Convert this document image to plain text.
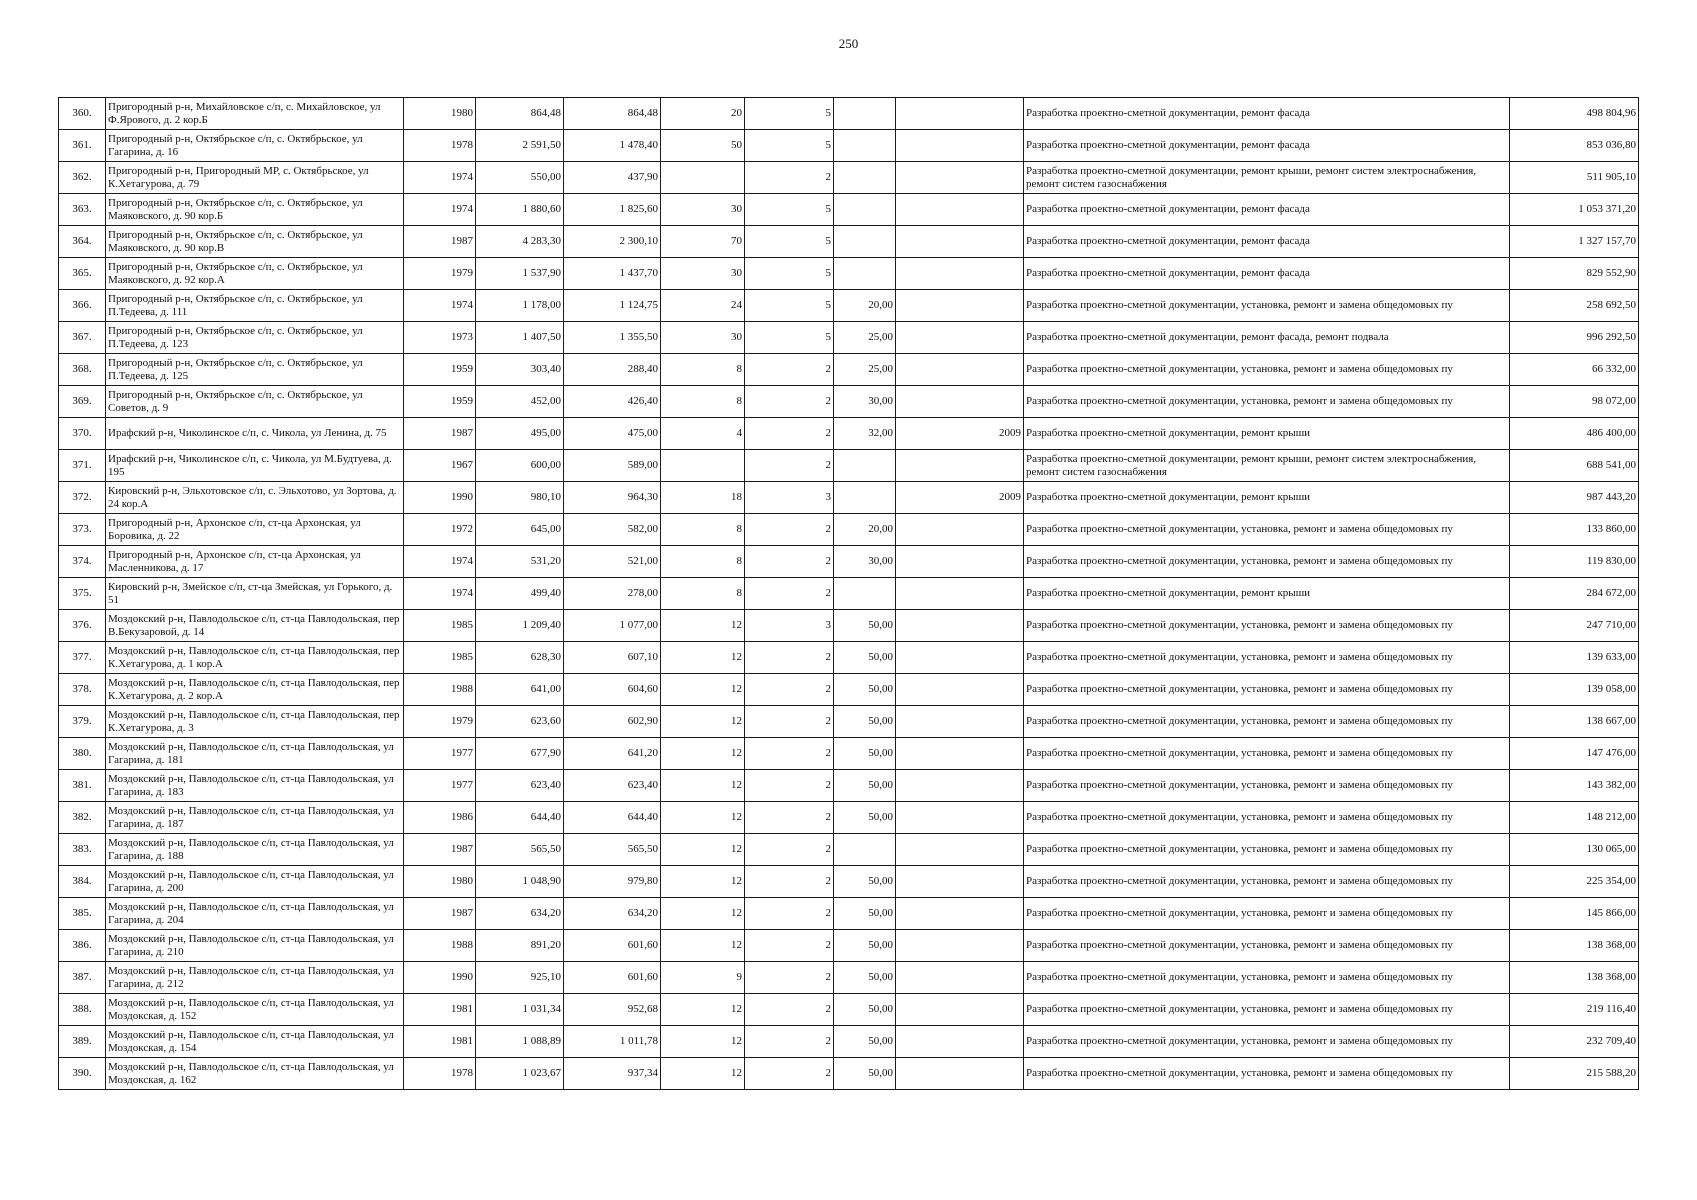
250
360.	Пригородный р-н, Михайловское с/п, с. Михайловское, ул Ф.Ярового, д. 2 кор.Б	1980	864,48	864,48	20	5			Разработка проектно-сметной документации, ремонт фасада	498 804,96
361.	Пригородный р-н, Октябрьское с/п, с. Октябрьское, ул Гагарина, д. 16	1978	2 591,50	1 478,40	50	5			Разработка проектно-сметной документации, ремонт фасада	853 036,80
362.	Пригородный р-н, Пригородный МР, с. Октябрьское, ул К.Хетагурова, д. 79	1974	550,00	437,90		2			Разработка проектно-сметной документации, ремонт крыши, ремонт систем электроснабжения, ремонт систем газоснабжения	511 905,10
363.	Пригородный р-н, Октябрьское с/п, с. Октябрьское, ул Маяковского, д. 90 кор.Б	1974	1 880,60	1 825,60	30	5			Разработка проектно-сметной документации, ремонт фасада	1 053 371,20
364.	Пригородный р-н, Октябрьское с/п, с. Октябрьское, ул Маяковского, д. 90 кор.В	1987	4 283,30	2 300,10	70	5			Разработка проектно-сметной документации, ремонт фасада	1 327 157,70
365.	Пригородный р-н, Октябрьское с/п, с. Октябрьское, ул Маяковского, д. 92 кор.А	1979	1 537,90	1 437,70	30	5			Разработка проектно-сметной документации, ремонт фасада	829 552,90
366.	Пригородный р-н, Октябрьское с/п, с. Октябрьское, ул П.Тедеева, д. 111	1974	1 178,00	1 124,75	24	5	20,00		Разработка проектно-сметной документации, установка, ремонт и замена общедомовых пу	258 692,50
367.	Пригородный р-н, Октябрьское с/п, с. Октябрьское, ул П.Тедеева, д. 123	1973	1 407,50	1 355,50	30	5	25,00		Разработка проектно-сметной документации, ремонт фасада, ремонт подвала	996 292,50
368.	Пригородный р-н, Октябрьское с/п, с. Октябрьское, ул П.Тедеева, д. 125	1959	303,40	288,40	8	2	25,00		Разработка проектно-сметной документации, установка, ремонт и замена общедомовых пу	66 332,00
369.	Пригородный р-н, Октябрьское с/п, с. Октябрьское, ул Советов, д. 9	1959	452,00	426,40	8	2	30,00		Разработка проектно-сметной документации, установка, ремонт и замена общедомовых пу	98 072,00
370.	Ирафский р-н, Чиколинское с/п, с. Чикола, ул Ленина, д. 75	1987	495,00	475,00	4	2	32,00	2009	Разработка проектно-сметной документации, ремонт крыши	486 400,00
371.	Ирафский р-н, Чиколинское с/п, с. Чикола, ул М.Будтуева, д. 195	1967	600,00	589,00		2			Разработка проектно-сметной документации, ремонт крыши, ремонт систем электроснабжения, ремонт систем газоснабжения	688 541,00
372.	Кировский р-н, Эльхотовское с/п, с. Эльхотово, ул Зортова, д. 24 кор.А	1990	980,10	964,30	18	3		2009	Разработка проектно-сметной документации, ремонт крыши	987 443,20
373.	Пригородный р-н, Архонское с/п, ст-ца Архонская, ул Боровика, д. 22	1972	645,00	582,00	8	2	20,00		Разработка проектно-сметной документации, установка, ремонт и замена общедомовых пу	133 860,00
374.	Пригородный р-н, Архонское с/п, ст-ца Архонская, ул Масленникова, д. 17	1974	531,20	521,00	8	2	30,00		Разработка проектно-сметной документации, установка, ремонт и замена общедомовых пу	119 830,00
375.	Кировский р-н, Змейское с/п, ст-ца Змейская, ул Горького, д. 51	1974	499,40	278,00	8	2			Разработка проектно-сметной документации, ремонт крыши	284 672,00
376.	Моздокский р-н, Павлодольское с/п, ст-ца Павлодольская, пер В.Бекузаровой, д. 14	1985	1 209,40	1 077,00	12	3	50,00		Разработка проектно-сметной документации, установка, ремонт и замена общедомовых пу	247 710,00
377.	Моздокский р-н, Павлодольское с/п, ст-ца Павлодольская, пер К.Хетагурова, д. 1 кор.А	1985	628,30	607,10	12	2	50,00		Разработка проектно-сметной документации, установка, ремонт и замена общедомовых пу	139 633,00
378.	Моздокский р-н, Павлодольское с/п, ст-ца Павлодольская, пер К.Хетагурова, д. 2 кор.А	1988	641,00	604,60	12	2	50,00		Разработка проектно-сметной документации, установка, ремонт и замена общедомовых пу	139 058,00
379.	Моздокский р-н, Павлодольское с/п, ст-ца Павлодольская, пер К.Хетагурова, д. 3	1979	623,60	602,90	12	2	50,00		Разработка проектно-сметной документации, установка, ремонт и замена общедомовых пу	138 667,00
380.	Моздокский р-н, Павлодольское с/п, ст-ца Павлодольская, ул Гагарина, д. 181	1977	677,90	641,20	12	2	50,00		Разработка проектно-сметной документации, установка, ремонт и замена общедомовых пу	147 476,00
381.	Моздокский р-н, Павлодольское с/п, ст-ца Павлодольская, ул Гагарина, д. 183	1977	623,40	623,40	12	2	50,00		Разработка проектно-сметной документации, установка, ремонт и замена общедомовых пу	143 382,00
382.	Моздокский р-н, Павлодольское с/п, ст-ца Павлодольская, ул Гагарина, д. 187	1986	644,40	644,40	12	2	50,00		Разработка проектно-сметной документации, установка, ремонт и замена общедомовых пу	148 212,00
383.	Моздокский р-н, Павлодольское с/п, ст-ца Павлодольская, ул Гагарина, д. 188	1987	565,50	565,50	12	2			Разработка проектно-сметной документации, установка, ремонт и замена общедомовых пу	130 065,00
384.	Моздокский р-н, Павлодольское с/п, ст-ца Павлодольская, ул Гагарина, д. 200	1980	1 048,90	979,80	12	2	50,00		Разработка проектно-сметной документации, установка, ремонт и замена общедомовых пу	225 354,00
385.	Моздокский р-н, Павлодольское с/п, ст-ца Павлодольская, ул Гагарина, д. 204	1987	634,20	634,20	12	2	50,00		Разработка проектно-сметной документации, установка, ремонт и замена общедомовых пу	145 866,00
386.	Моздокский р-н, Павлодольское с/п, ст-ца Павлодольская, ул Гагарина, д. 210	1988	891,20	601,60	12	2	50,00		Разработка проектно-сметной документации, установка, ремонт и замена общедомовых пу	138 368,00
387.	Моздокский р-н, Павлодольское с/п, ст-ца Павлодольская, ул Гагарина, д. 212	1990	925,10	601,60	9	2	50,00		Разработка проектно-сметной документации, установка, ремонт и замена общедомовых пу	138 368,00
388.	Моздокский р-н, Павлодольское с/п, ст-ца Павлодольская, ул Моздокская, д. 152	1981	1 031,34	952,68	12	2	50,00		Разработка проектно-сметной документации, установка, ремонт и замена общедомовых пу	219 116,40
389.	Моздокский р-н, Павлодольское с/п, ст-ца Павлодольская, ул Моздокская, д. 154	1981	1 088,89	1 011,78	12	2	50,00		Разработка проектно-сметной документации, установка, ремонт и замена общедомовых пу	232 709,40
390.	Моздокский р-н, Павлодольское с/п, ст-ца Павлодольская, ул Моздокская, д. 162	1978	1 023,67	937,34	12	2	50,00		Разработка проектно-сметной документации, установка, ремонт и замена общедомовых пу	215 588,20
